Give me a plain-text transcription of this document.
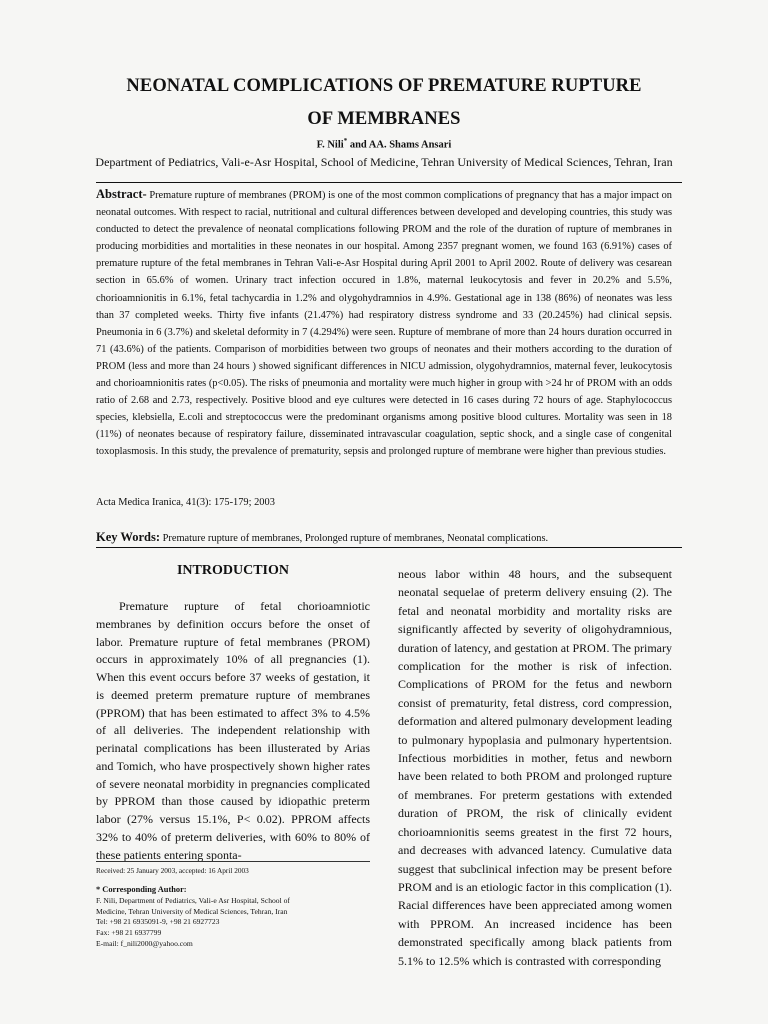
NEONATAL COMPLICATIONS OF PREMATURE RUPTURE
OF MEMBRANES
F. Nili* and AA. Shams Ansari
Department of Pediatrics, Vali-e-Asr Hospital, School of Medicine, Tehran University of Medical Sciences, Tehran, Iran
Abstract- Premature rupture of membranes (PROM) is one of the most common complications of pregnancy that has a major impact on neonatal outcomes. With respect to racial, nutritional and cultural differences between developed and developing countries, this study was conducted to detect the prevalence of neonatal complications following PROM and the role of the duration of rupture of membranes in producing morbidities and mortalities in these neonates in our hospital. Among 2357 pregnant women, we found 163 (6.91%) cases of premature rupture of the fetal membranes in Tehran Vali-e-Asr Hospital during April 2001 to April 2002. Route of delivery was cesarean section in 65.6% of women. Urinary tract infection occured in 1.8%, maternal leukocytosis and fever in 20.2% and 5.5%, chorioamnionitis in 6.1%, fetal tachycardia in 1.2% and olygohydramnios in 4.9%. Gestational age in 138 (86%) of neonates was less than 37 completed weeks. Thirty five infants (21.47%) had respiratory distress syndrome and 33 (20.245%) had clinical sepsis. Pneumonia in 6 (3.7%) and skeletal deformity in 7 (4.294%) were seen. Rupture of membrane of more than 24 hours duration occurred in 71 (43.6%) of the patients. Comparison of morbidities between two groups of neonates and their mothers according to the duration of PROM (less and more than 24 hours ) showed significant differences in NICU admission, olygohydramnios, maternal fever, leukocytosis and chorioamnionitis rates (p<0.05). The risks of pneumonia and mortality were much higher in group with >24 hr of PROM with an odds ratio of 2.68 and 2.73, respectively. Positive blood and eye cultures were detected in 16 cases during 72 hours of age. Staphylococcus species, klebsiella, E.coli and streptococcus were the predominant organisms among positive blood cultures. Mortality was seen in 18 (11%) of neonates because of respiratory failure, disseminated intravascular coagulation, septic shock, and a single case of congenital toxoplasmosis. In this study, the prevalence of prematurity, sepsis and prolonged rupture of membrane were higher than previous studies.
Acta Medica Iranica, 41(3): 175-179; 2003
Key Words: Premature rupture of membranes, Prolonged rupture of membranes, Neonatal complications.
INTRODUCTION

Premature rupture of fetal chorioamniotic membranes by definition occurs before the onset of labor. Premature rupture of fetal membranes (PROM) occurs in approximately 10% of all pregnancies (1). When this event occurs before 37 weeks of gestation, it is deemed preterm premature rupture of membranes (PPROM) that has been estimated to affect 3% to 4.5% of all deliveries. The independent relationship with perinatal complications has been illusterated by Arias and Tomich, who have prospectively shown higher rates of severe neonatal morbidity in pregnancies complicated by PPROM than those caused by idiopathic preterm labor (27% versus 15.1%, P< 0.02). PPROM affects 32% to 40% of preterm deliveries, with 60% to 80% of these patients entering sponta-

neous labor within 48 hours, and the subsequent neonatal sequelae of preterm delivery ensuing (2). The fetal and neonatal morbidity and mortality risks are significantly affected by severity of oligohydramnious, duration of latency, and gestation at PROM. The primary complication for the mother is risk of infection. Complications of PROM for the fetus and newborn consist of prematurity, fetal distress, cord compression, deformation and altered pulmonary development leading to pulmonary hypoplasia and pulmonary hypertentsion. Infectious morbidities in mother, fetus and newborn have been related to both PROM and prolonged rupture of membranes. For preterm gestations with extended duration of PROM, the risk of clinically evident chorioamnionitis seems greatest in the first 72 hours, and decreases with advanced latency. Cumulative data suggest that subclinical infection may be present before PROM and is an etiologic factor in this complication (1). Racial differences have been appreciated among women with PPROM. An increased incidence has been demonstrated specifically among black patients from 5.1% to 12.5% which is contrasted with corresponding

Received: 25 January 2003, accepted: 16 April 2003
* Corresponding Author:
F. Nili, Department of Pediatrics, Vali-e Asr Hospital, School of
Medicine, Tehran University of Medical Sciences, Tehran, Iran
Tel: +98 21 6935091-9, +98 21 6927723
Fax: +98 21 6937799
E-mail: f_nili2000@yahoo.com
